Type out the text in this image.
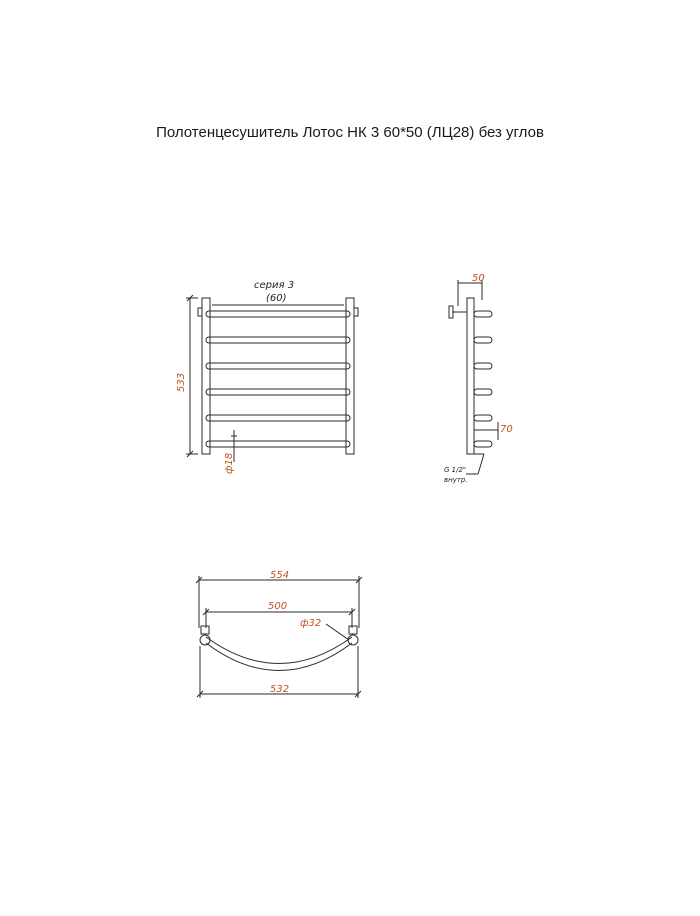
Полотенцесушитель Лотос НК 3 60*50 (ЛЦ28) без углов
серия 3
(60)
533
ф18
50
70
G 1/2"
внутр.
554
500
ф32
532
